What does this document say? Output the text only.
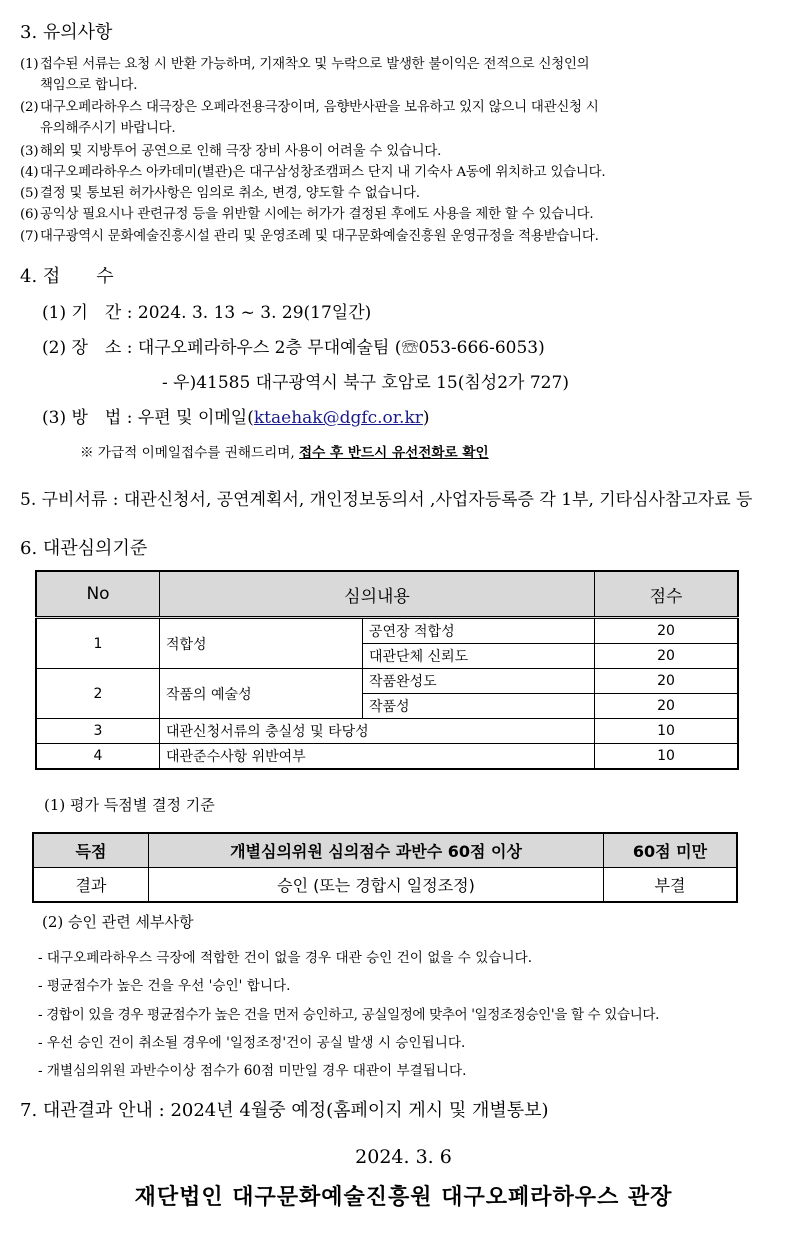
3. 유의사항
(1) 접수된 서류는 요청 시 반환 가능하며, 기재착오 및 누락으로 발생한 불이익은 전적으로 신청인의
책임으로 합니다.
(2) 대구오페라하우스 대극장은 오페라전용극장이며, 음향반사판을 보유하고 있지 않으니 대관신청 시
유의해주시기 바랍니다.
(3) 해외 및 지방투어 공연으로 인해 극장 장비 사용이 어려울 수 있습니다.
(4) 대구오페라하우스 아카데미(별관)은 대구삼성창조캠퍼스 단지 내 기숙사 A동에 위치하고 있습니다.
(5) 결정 및 통보된 허가사항은 임의로 취소, 변경, 양도할 수 없습니다.
(6) 공익상 필요시나 관련규정 등을 위반할 시에는 허가가 결정된 후에도 사용을 제한 할 수 있습니다.
(7) 대구광역시 문화예술진흥시설 관리 및 운영조례 및 대구문화예술진흥원 운영규정을 적용받습니다.
4. 접　　수
(1) 기　간 : 2024. 3. 13 ~ 3. 29(17일간)
(2) 장　소 : 대구오페라하우스 2층 무대예술팀 (☏053-666-6053)
- 우)41585 대구광역시 북구 호암로 15(침성2가 727)
(3) 방　법 : 우편 및 이메일(ktaehak@dgfc.or.kr)
※ 가급적 이메일접수를 권해드리며, 접수 후 반드시 유선전화로 확인
5. 구비서류 : 대관신청서, 공연계획서, 개인정보동의서 ,사업자등록증 각 1부, 기타심사참고자료 등
6. 대관심의기준
No	심의내용		점수
1	적합성	공연장 적합성	20
		대관단체 신뢰도	20
2	작품의 예술성	작품완성도	20
		작품성	20
3	대관신청서류의 충실성 및 타당성		10
4	대관준수사항 위반여부		10
(1) 평가 득점별 결정 기준
득점	개별심의위원 심의점수 과반수 60점 이상	60점 미만
결과	승인 (또는 경합시 일정조정)	부결
(2) 승인 관련 세부사항
- 대구오페라하우스 극장에 적합한 건이 없을 경우 대관 승인 건이 없을 수 있습니다.
- 평균점수가 높은 건을 우선 '승인' 합니다.
- 경합이 있을 경우 평균점수가 높은 건을 먼저 승인하고, 공실일정에 맞추어 '일정조정승인'을 할 수 있습니다.
- 우선 승인 건이 취소될 경우에 '일정조정'건이 공실 발생 시 승인됩니다.
- 개별심의위원 과반수이상 점수가 60점 미만일 경우 대관이 부결됩니다.
7. 대관결과 안내 : 2024년 4월중 예정(홈페이지 게시 및 개별통보)
2024. 3. 6
재단법인 대구문화예술진흥원 대구오페라하우스 관장
